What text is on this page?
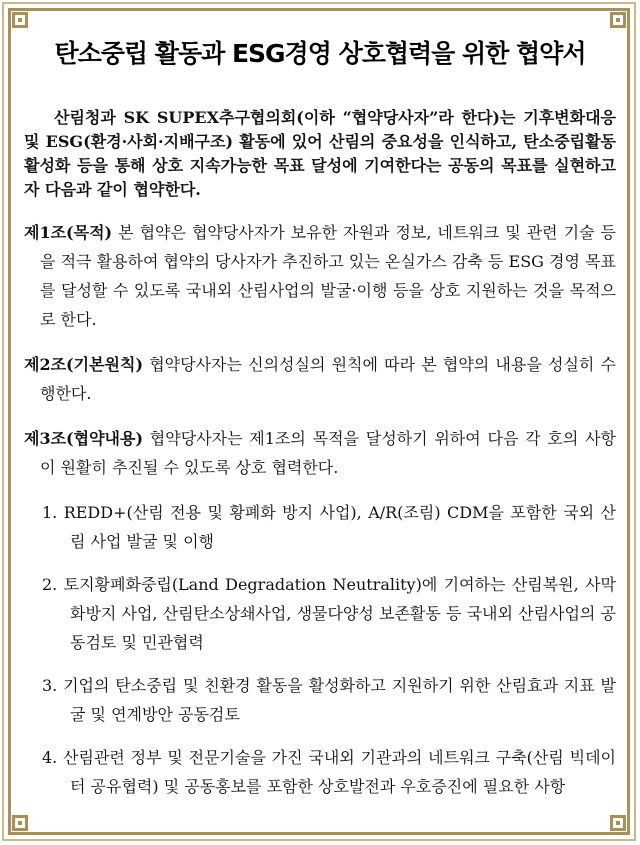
탄소중립 활동과 ESG경영 상호협력을 위한 협약서

산림청과 SK SUPEX추구협의회(이하 “협약당사자”라 한다)는 기후변화대응 및 ESG(환경·사회·지배구조) 활동에 있어 산림의 중요성을 인식하고, 탄소중립활동 활성화 등을 통해 상호 지속가능한 목표 달성에 기여한다는 공동의 목표를 실현하고자 다음과 같이 협약한다.

제1조(목적) 본 협약은 협약당사자가 보유한 자원과 정보, 네트워크 및 관련 기술 등을 적극 활용하여 협약의 당사자가 추진하고 있는 온실가스 감축 등 ESG 경영 목표를 달성할 수 있도록 국내외 산림사업의 발굴·이행 등을 상호 지원하는 것을 목적으로 한다.

제2조(기본원칙) 협약당사자는 신의성실의 원칙에 따라 본 협약의 내용을 성실히 수행한다.

제3조(협약내용) 협약당사자는 제1조의 목적을 달성하기 위하여 다음 각 호의 사항이 원활히 추진될 수 있도록 상호 협력한다.

1. REDD+(산림 전용 및 황폐화 방지 사업), A/R(조림) CDM을 포함한 국외 산림 사업 발굴 및 이행
2. 토지황폐화중립(Land Degradation Neutrality)에 기여하는 산림복원, 사막화방지 사업, 산림탄소상쇄사업, 생물다양성 보존활동 등 국내외 산림사업의 공동검토 및 민관협력
3. 기업의 탄소중립 및 친환경 활동을 활성화하고 지원하기 위한 산림효과 지표 발굴 및 연계방안 공동검토
4. 산림관련 정부 및 전문기술을 가진 국내외 기관과의 네트워크 구축(산림 빅데이터 공유협력) 및 공동홍보를 포함한 상호발전과 우호증진에 필요한 사항
